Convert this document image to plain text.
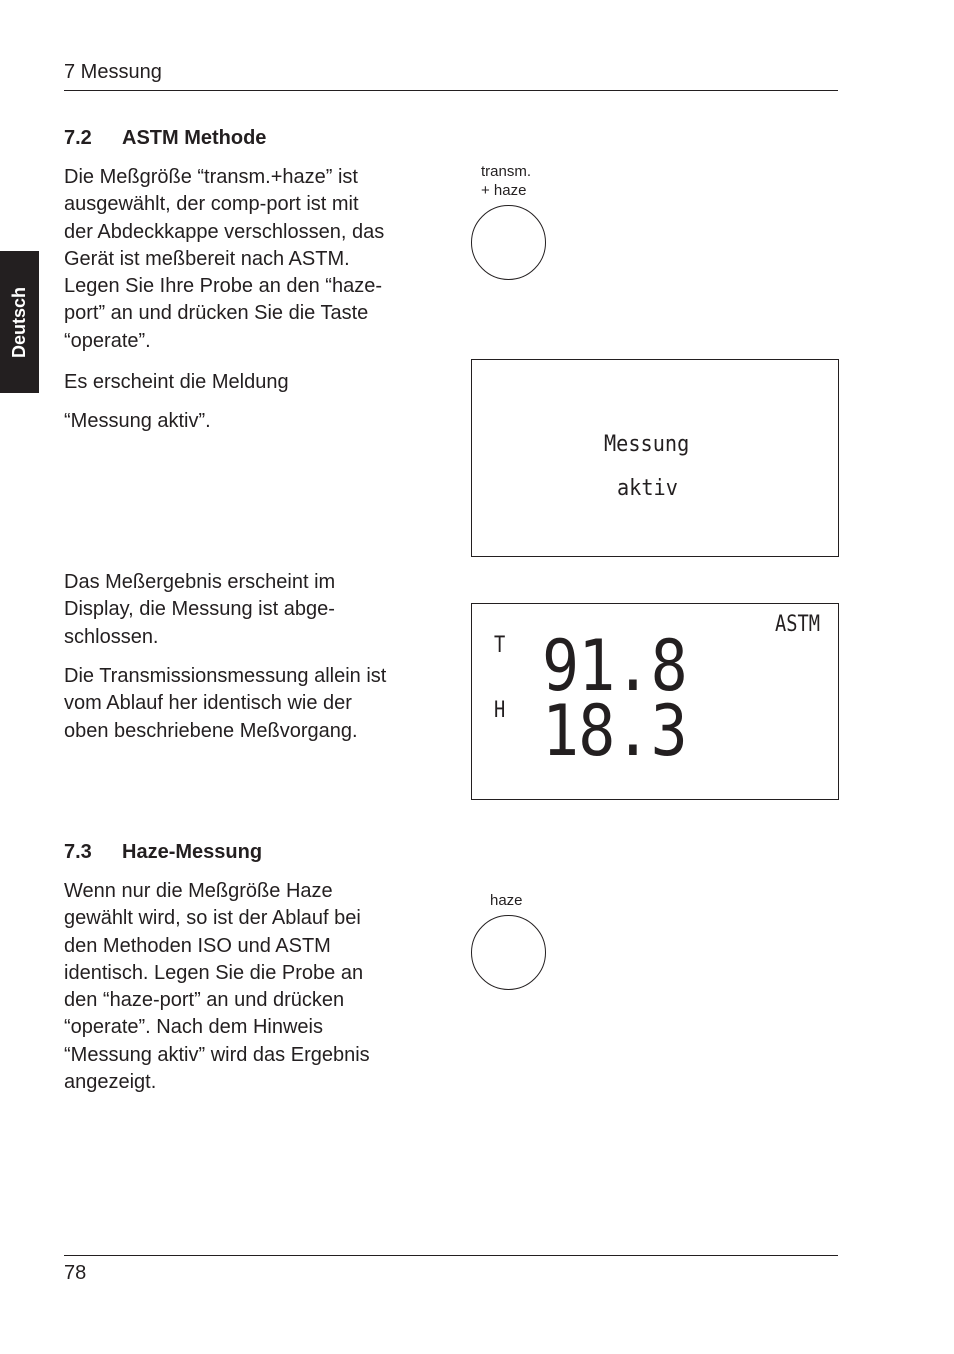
7 Messung
Deutsch
7.2 ASTM Methode

Die Meßgröße “transm.+haze” ist
ausgewählt, der comp-port ist mit
der Abdeckkappe verschlossen, das
Gerät ist meßbereit nach ASTM.
Legen Sie Ihre Probe an den “haze-
port” an und drücken Sie die Taste
“operate”.

Es erscheint die Meldung

“Messung aktiv”.

Das Meßergebnis erscheint im
Display, die Messung ist abge-
schlossen.

Die Transmissionsmessung allein ist
vom Ablauf her identisch wie der
oben beschriebene Meßvorgang.

7.3 Haze-Messung

Wenn nur die Meßgröße Haze
gewählt wird, so ist der Ablauf bei
den Methoden ISO und ASTM
identisch. Legen Sie die Probe an
den “haze-port” an und drücken
“operate”. Nach dem Hinweis
“Messung aktiv” wird das Ergebnis
angezeigt.

transm.
+ haze
Messung
aktiv
ASTM
T 91.8
H 18.3
haze
78
